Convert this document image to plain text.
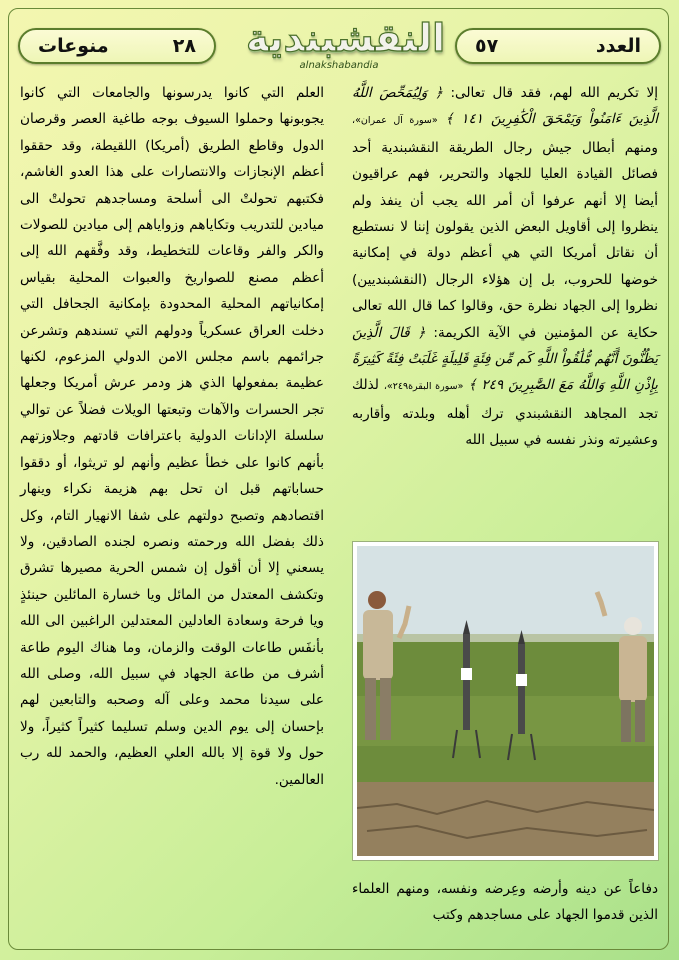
منوعات	٢٨ النقشبندية
alnakshabandia
٥٧	العدد

إلا تكريم الله لهم، فقد قال تعالى: ﴿ وَلِيُمَحِّصَ اللَّهُ الَّذِينَ ءَامَنُواْ وَيَمْحَقَ الْكَٰفِرِينَ ١٤١ ﴾ «سورة آل عمران»، ومنهم أبطال جيش رجال الطريقة النقشبندية أحد فصائل القيادة العليا للجهاد والتحرير، فهم عراقيون أيضا إلا أنهم عرفوا أن أمر الله يجب أن ينفذ ولم ينظروا إلى أقاويل البعض الذين يقولون إننا لا نستطيع أن نقاتل أمريكا التي هي أعظم دولة في إمكانية خوضها للحروب، بل إن هؤلاء الرجال (النقشبنديين) نظروا إلى الجهاد نظرة حق، وقالوا كما قال الله تعالى حكاية عن المؤمنين في الآية الكريمة: ﴿ قَالَ الَّذِينَ يَظُنُّونَ أَنَّهُم مُّلَٰقُواْ اللَّهِ كَم مِّن فِئَةٍ قَلِيلَةٍ غَلَبَتْ فِئَةً كَثِيرَةً بِإِذْنِ اللَّهِ وَاللَّهُ مَعَ الصَّٰبِرِينَ ٢٤٩ ﴾ «سورة البقرة٢٤٩»، لذلك تجد المجاهد النقشبندي ترك أهله وبلدته وأقاربه وعشيرته ونذر نفسه في سبيل الله

دفاعاً عن دينه وأرضه وعِرضه ونفسه، ومنهم العلماء الذين قدموا الجهاد على مساجدهم وكتب

العلم التي كانوا يدرسونها والجامعات التي كانوا يجوبونها وحملوا السيوف بوجه طاغية العصر وقرصان الدول وقاطع الطريق (أمريكا) اللقيطة، وقد حققوا أعظم الإنجازات والانتصارات على هذا العدو الغاشم، فكتبهم تحولتْ الى أسلحة ومساجدهم تحولتْ الى ميادين للتدريب وتكاياهم وزواياهم إلى ميادين للصولات والكر والفر وقاعات للتخطيط، وقد وفَّقهم الله إلى أعظم مصنع للصواريخ والعبوات المحلية بقياس إمكانياتهم المحلية المحدودة بإمكانية الجحافل التي دخلت العراق عسكرياً ودولهم التي تسندهم وتشرعن جرائمهم باسم مجلس الامن الدولي المزعوم، لكنها عظيمة بمفعولها الذي هز ودمر عرش أمريكا وجعلها تجر الحسرات والآهات وتبعتها الويلات فضلاً عن توالي سلسلة الإدانات الدولية باعترافات قادتهم وجلاوزتهم بأنهم كانوا على خطأ عظيم وأنهم لو تريثوا، أو دققوا حساباتهم قبل ان تحل بهم هزيمة نكراء وينهار اقتصادهم وتصبح دولتهم على شفا الانهيار التام، وكل ذلك بفضل الله ورحمته ونصره لجنده الصادقين، ولا يسعني إلا أن أقول إن شمس الحرية مصيرها تشرق وتكشف المعتدل من المائل ويا خسارة المائلين حينئذٍ ويا فرحة وسعادة العادلين المعتدلين الراغبين الى الله بأنفَس طاعات الوقت والزمان، وما هناك اليوم طاعة أشرف من طاعة الجهاد في سبيل الله، وصلى الله على سيدنا محمد وعلى آله وصحبه والتابعين لهم بإحسان إلى يوم الدين وسلم تسليما كثيراً كثيراً، ولا حول ولا قوة إلا بالله العلي العظيم، والحمد لله رب العالمين.
